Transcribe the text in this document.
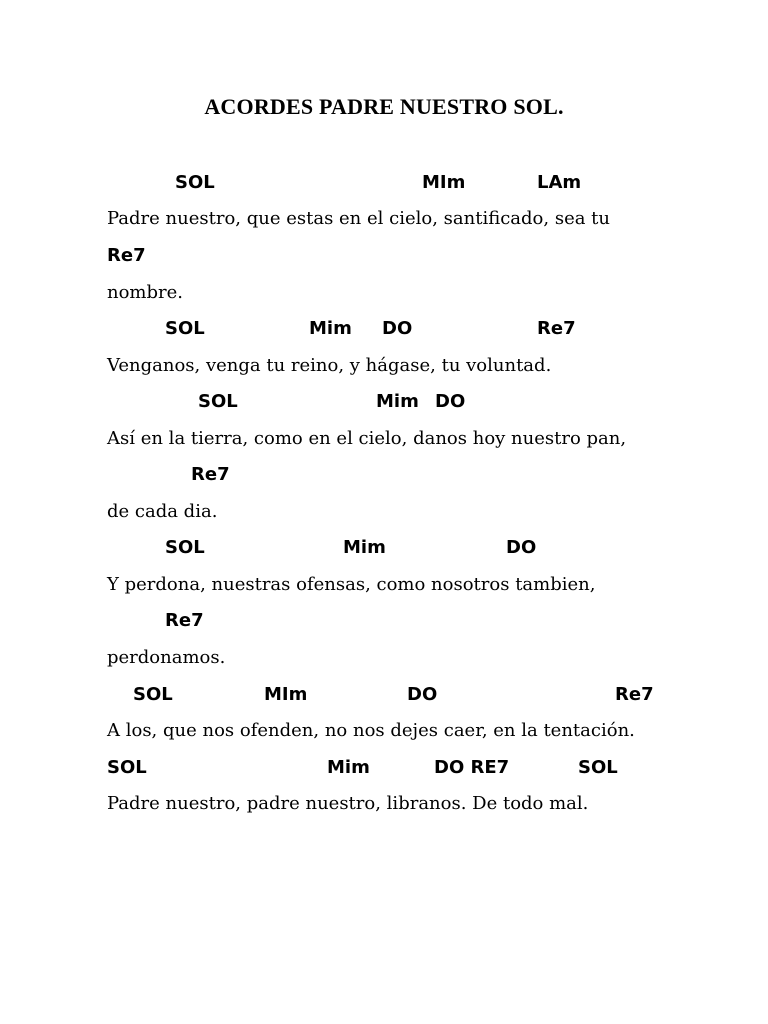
ACORDES PADRE NUESTRO SOL.
SOL	MIm	LAm
Padre nuestro, que estas en el cielo, santificado, sea tu
Re7
nombre.
SOL	Mim DO	Re7
Venganos, venga tu reino, y hágase, tu voluntad.
SOL	Mim DO
Así en la tierra, como en el cielo, danos hoy nuestro pan,
Re7
de cada dia.
SOL	Mim	DO
Y perdona, nuestras ofensas, como nosotros tambien,
Re7
perdonamos.
SOL	MIm	DO	Re7
A los, que nos ofenden, no nos dejes caer, en la tentación.
SOL	Mim	DO RE7	SOL
Padre nuestro, padre nuestro, libranos. De todo mal.
